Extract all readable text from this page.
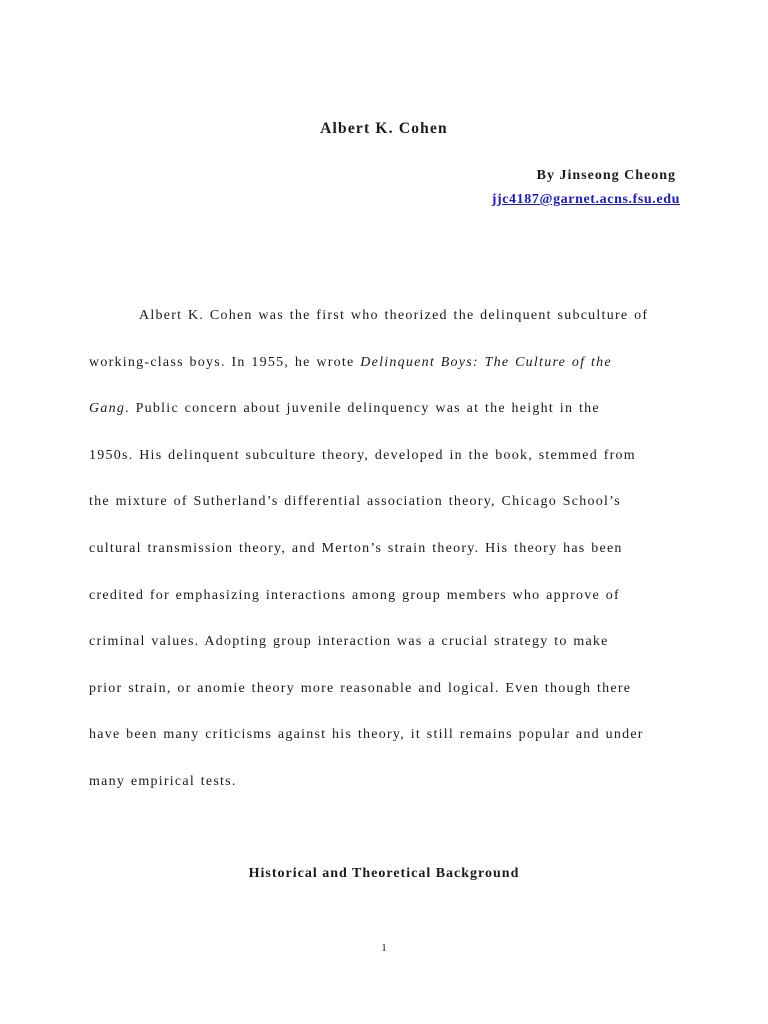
Albert K. Cohen

By Jinseong Cheong

jjc4187@garnet.acns.fsu.edu
Albert K. Cohen was the first who theorized the delinquent subculture of
working-class boys. In 1955, he wrote Delinquent Boys: The Culture of the
Gang. Public concern about juvenile delinquency was at the height in the
1950s. His delinquent subculture theory, developed in the book, stemmed from
the mixture of Sutherland’s differential association theory, Chicago School’s
cultural transmission theory, and Merton’s strain theory. His theory has been
credited for emphasizing interactions among group members who approve of
criminal values. Adopting group interaction was a crucial strategy to make
prior strain, or anomie theory more reasonable and logical. Even though there
have been many criticisms against his theory, it still remains popular and under
many empirical tests.
Historical and Theoretical Background
1
